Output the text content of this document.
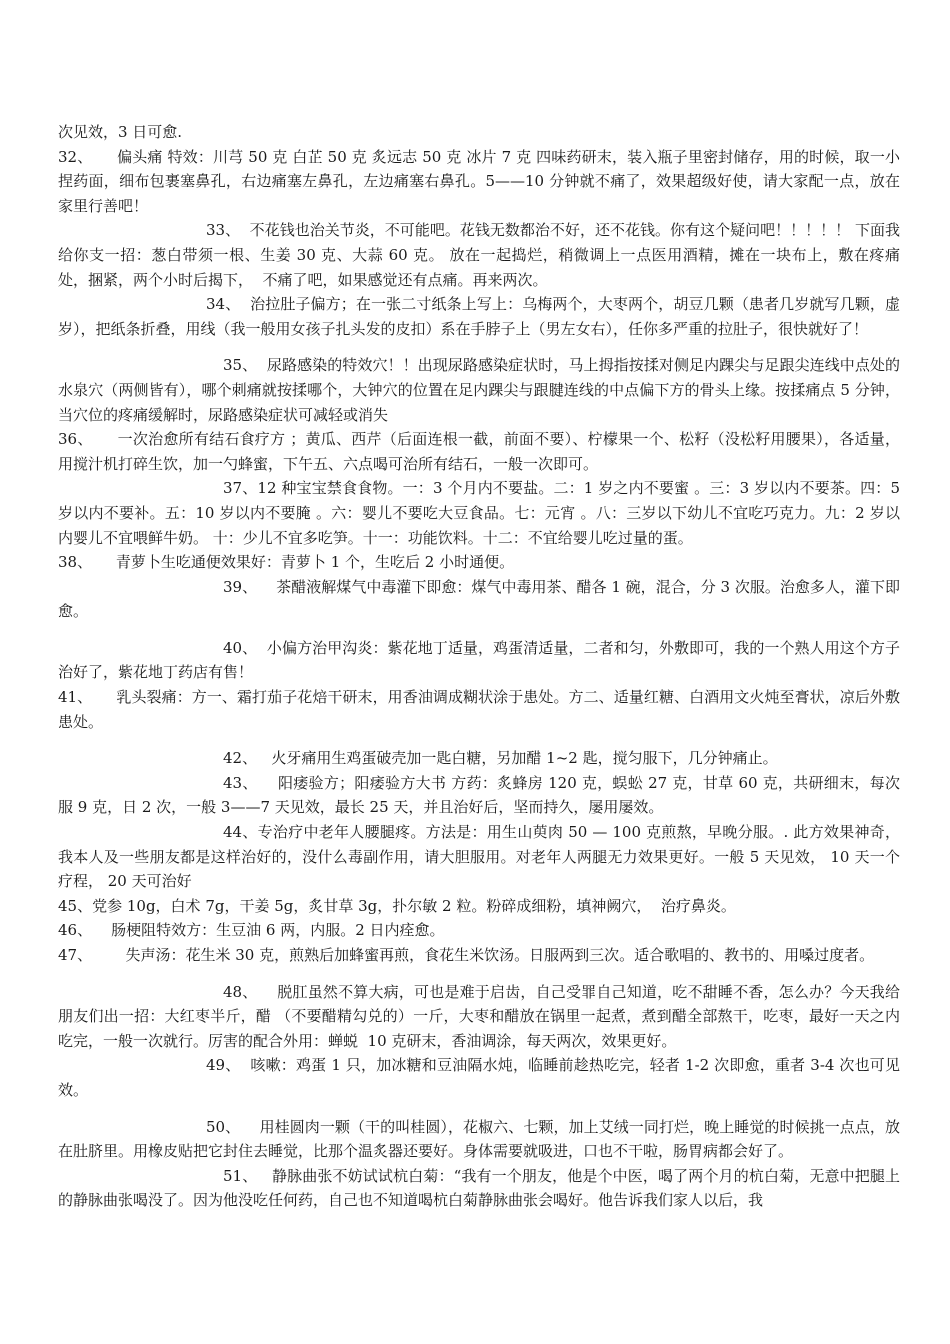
次见效，3 日可愈.

32、     偏头痛 特效：川芎 50 克 白芷 50 克 炙远志 50 克 冰片 7 克 四味药研末，装入瓶子里密封储存，用的时候，取一小捏药面，细布包裹塞鼻孔，右边痛塞左鼻孔，左边痛塞右鼻孔。5——10 分钟就不痛了，效果超级好使，请大家配一点，放在家里行善吧！

33、  不花钱也治关节炎，不可能吧。花钱无数都治不好，还不花钱。你有这个疑问吧！！！！！ 下面我给你支一招：葱白带须一根、生姜 30 克、大蒜 60 克。 放在一起捣烂，稍微调上一点医用酒精，摊在一块布上，敷在疼痛处，捆紧，两个小时后揭下，  不痛了吧，如果感觉还有点痛。再来两次。

34、  治拉肚子偏方；在一张二寸纸条上写上：乌梅两个，大枣两个，胡豆几颗（患者几岁就写几颗，虚岁），把纸条折叠，用线（我一般用女孩子扎头发的皮扣）系在手脖子上（男左女右），任你多严重的拉肚子，很快就好了！

35、  尿路感染的特效穴！！出现尿路感染症状时，马上拇指按揉对侧足内踝尖与足跟尖连线中点处的水泉穴（两侧皆有），哪个刺痛就按揉哪个，大钟穴的位置在足内踝尖与跟腱连线的中点偏下方的骨头上缘。按揉痛点 5 分钟，当穴位的疼痛缓解时，尿路感染症状可减轻或消失

36、     一次治愈所有结石食疗方 ；黄瓜、西芹（后面连根一截，前面不要）、柠檬果一个、松籽（没松籽用腰果），各适量，用搅汁机打碎生饮，加一勺蜂蜜，下午五、六点喝可治所有结石，一般一次即可。

37、12 种宝宝禁食食物。一：3 个月内不要盐。二：1 岁之内不要蜜 。三：3 岁以内不要茶。四：5 岁以内不要补。五：10 岁以内不要腌 。六：婴儿不要吃大豆食品。七：元宵 。八：三岁以下幼儿不宜吃巧克力。九：2 岁以内婴儿不宜喂鲜牛奶。 十：少儿不宜多吃笋。十一：功能饮料。十二：不宜给婴儿吃过量的蛋。

38、     青萝卜生吃通便效果好：青萝卜 1 个，生吃后 2 小时通便。

39、    茶醋液解煤气中毒灌下即愈：煤气中毒用茶、醋各 1 碗，混合，分 3 次服。治愈多人，灌下即愈。

40、  小偏方治甲沟炎：紫花地丁适量，鸡蛋清适量，二者和匀，外敷即可，我的一个熟人用这个方子治好了，紫花地丁药店有售！

41、     乳头裂痛：方一、霜打茄子花焙干研末，用香油调成糊状涂于患处。方二、适量红糖、白酒用文火炖至膏状，凉后外敷患处。

42、   火牙痛用生鸡蛋破壳加一匙白糖，另加醋 1~2 匙，搅匀服下，几分钟痛止。

43、    阳痿验方；阳痿验方大书 方药：炙蜂房 120 克，蜈蚣 27 克，甘草 60 克，共研细末，每次服 9 克，日 2 次，一般 3——7 天见效，最长 25 天，并且治好后，坚而持久，屡用屡效。

44、专治疗中老年人腰腿疼。方法是：用生山萸肉 50 — 100 克煎熬，早晚分服。. 此方效果神奇，我本人及一些朋友都是这样治好的，没什么毒副作用，请大胆服用。对老年人两腿无力效果更好。一般 5 天见效， 10 天一个疗程， 20 天可治好

45、党参 10g，白术 7g，干姜 5g，炙甘草 3g，扑尔敏 2 粒。粉碎成细粉，填神阙穴，  治疗鼻炎。

46、    肠梗阻特效方：生豆油 6 两，内服。2 日内痊愈。

47、       失声汤：花生米 30 克，煎熟后加蜂蜜再煎，食花生米饮汤。日服两到三次。适合歌唱的、教书的、用嗓过度者。

48、    脱肛虽然不算大病，可也是难于启齿，自己受罪自己知道，吃不甜睡不香，怎么办？今天我给朋友们出一招：大红枣半斤，醋 （不要醋精勾兑的）一斤，大枣和醋放在锅里一起煮，煮到醋全部熬干，吃枣，最好一天之内吃完，一般一次就行。厉害的配合外用：蝉蜕  10 克研末，香油调涂，每天两次，效果更好。

49、  咳嗽：鸡蛋 1 只，加冰糖和豆油隔水炖，临睡前趁热吃完，轻者 1-2 次即愈，重者 3-4 次也可见效。

50、    用桂圆肉一颗（干的叫桂圆），花椒六、七颗，加上艾绒一同打烂，晚上睡觉的时候挑一点点，放在肚脐里。用橡皮贴把它封住去睡觉，比那个温炙器还要好。身体需要就吸进，口也不干啦，肠胃病都会好了。

51、   静脉曲张不妨试试杭白菊：“我有一个朋友，他是个中医，喝了两个月的杭白菊，无意中把腿上的静脉曲张喝没了。因为他没吃任何药，自己也不知道喝杭白菊静脉曲张会喝好。他告诉我们家人以后，我
